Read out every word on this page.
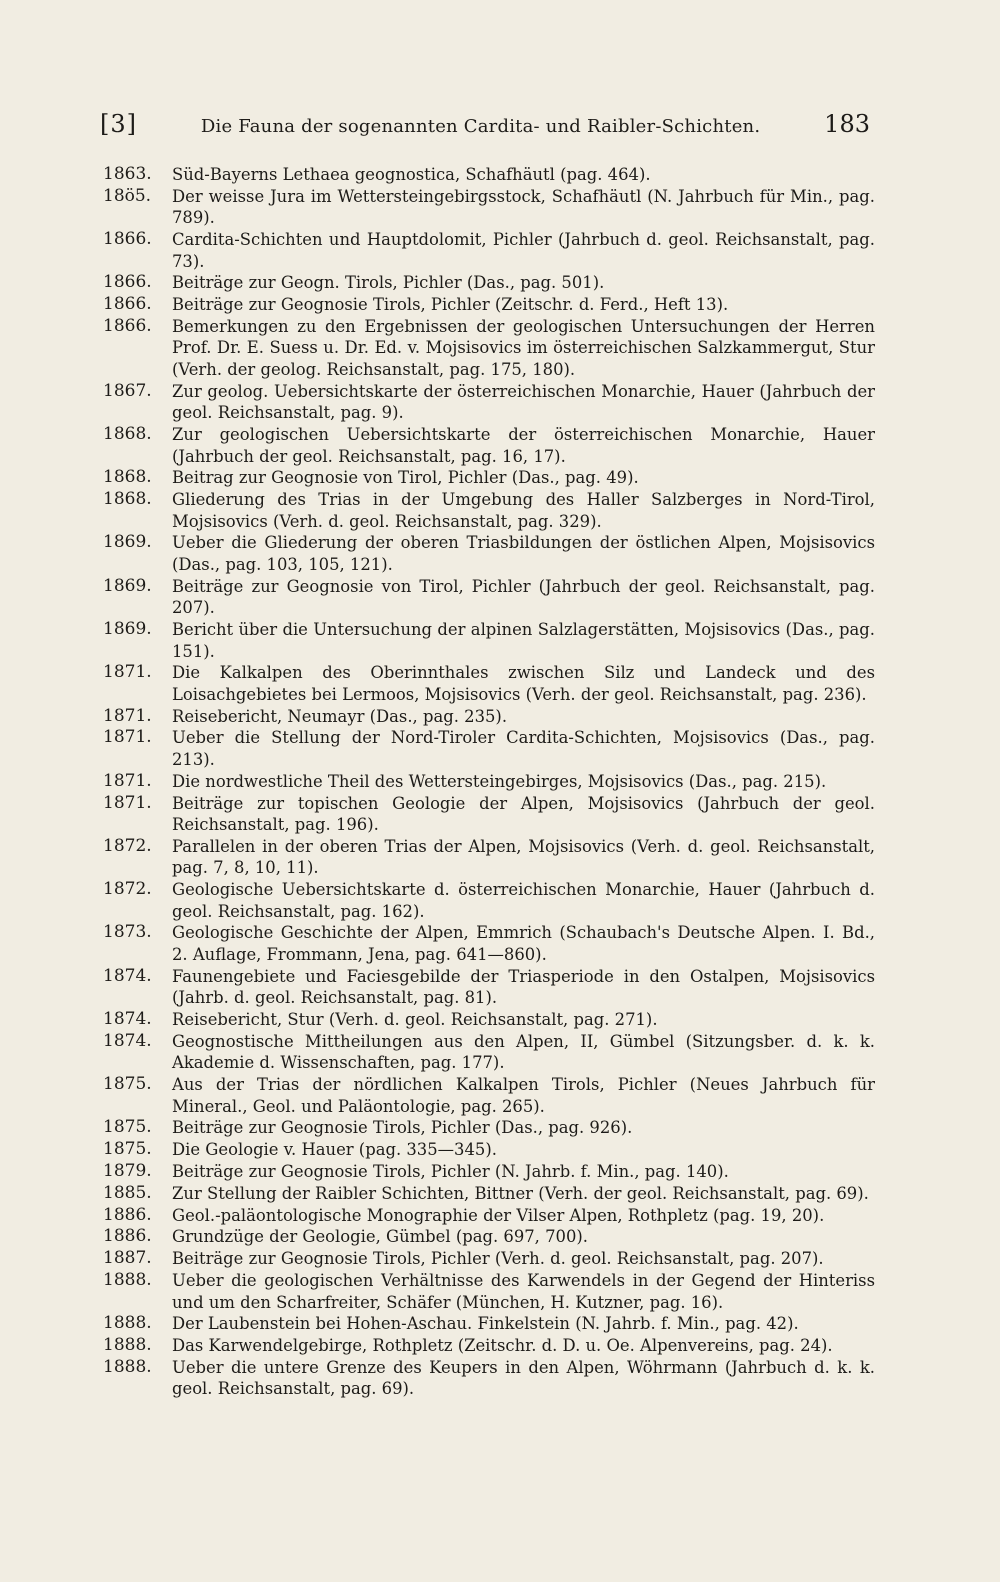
[3]	Die Fauna der sogenannten Cardita- und Raibler-Schichten.	183
1863.	Süd-Bayerns Lethaea geognostica, Schafhäutl (pag. 464).
18ö5.	Der weisse Jura im Wettersteingebirgsstock, Schafhäutl (N. Jahrbuch für Min., pag. 789).
1866.	Cardita-Schichten und Hauptdolomit, Pichler (Jahrbuch d. geol. Reichsanstalt, pag. 73).
1866.	Beiträge zur Geogn. Tirols, Pichler (Das., pag. 501).
1866.	Beiträge zur Geognosie Tirols, Pichler (Zeitschr. d. Ferd., Heft 13).
1866.	Bemerkungen zu den Ergebnissen der geologischen Untersuchungen der Herren Prof. Dr. E. Suess u. Dr. Ed. v. Mojsisovics im österreichischen Salzkammergut, Stur (Verh. der geolog. Reichsanstalt, pag. 175, 180).
1867.	Zur geolog. Uebersichtskarte der österreichischen Monarchie, Hauer (Jahrbuch der geol. Reichsanstalt, pag. 9).
1868.	Zur geologischen Uebersichtskarte der österreichischen Monarchie, Hauer (Jahrbuch der geol. Reichsanstalt, pag. 16, 17).
1868.	Beitrag zur Geognosie von Tirol, Pichler (Das., pag. 49).
1868.	Gliederung des Trias in der Umgebung des Haller Salzberges in Nord-Tirol, Mojsisovics (Verh. d. geol. Reichsanstalt, pag. 329).
1869.	Ueber die Gliederung der oberen Triasbildungen der östlichen Alpen, Mojsisovics (Das., pag. 103, 105, 121).
1869.	Beiträge zur Geognosie von Tirol, Pichler (Jahrbuch der geol. Reichsanstalt, pag. 207).
1869.	Bericht über die Untersuchung der alpinen Salzlagerstätten, Mojsisovics (Das., pag. 151).
1871.	Die Kalkalpen des Oberinnthales zwischen Silz und Landeck und des Loisachgebietes bei Lermoos, Mojsisovics (Verh. der geol. Reichsanstalt, pag. 236).
1871.	Reisebericht, Neumayr (Das., pag. 235).
1871.	Ueber die Stellung der Nord-Tiroler Cardita-Schichten, Mojsisovics (Das., pag. 213).
1871.	Die nordwestliche Theil des Wettersteingebirges, Mojsisovics (Das., pag. 215).
1871.	Beiträge zur topischen Geologie der Alpen, Mojsisovics (Jahrbuch der geol. Reichsanstalt, pag. 196).
1872.	Parallelen in der oberen Trias der Alpen, Mojsisovics (Verh. d. geol. Reichsanstalt, pag. 7, 8, 10, 11).
1872.	Geologische Uebersichtskarte d. österreichischen Monarchie, Hauer (Jahrbuch d. geol. Reichsanstalt, pag. 162).
1873.	Geologische Geschichte der Alpen, Emmrich (Schaubach's Deutsche Alpen. I. Bd., 2. Auflage, Frommann, Jena, pag. 641—860).
1874.	Faunengebiete und Faciesgebilde der Triasperiode in den Ostalpen, Mojsisovics (Jahrb. d. geol. Reichsanstalt, pag. 81).
1874.	Reisebericht, Stur (Verh. d. geol. Reichsanstalt, pag. 271).
1874.	Geognostische Mittheilungen aus den Alpen, II, Gümbel (Sitzungsber. d. k. k. Akademie d. Wissenschaften, pag. 177).
1875.	Aus der Trias der nördlichen Kalkalpen Tirols, Pichler (Neues Jahrbuch für Mineral., Geol. und Paläontologie, pag. 265).
1875.	Beiträge zur Geognosie Tirols, Pichler (Das., pag. 926).
1875.	Die Geologie v. Hauer (pag. 335—345).
1879.	Beiträge zur Geognosie Tirols, Pichler (N. Jahrb. f. Min., pag. 140).
1885.	Zur Stellung der Raibler Schichten, Bittner (Verh. der geol. Reichsanstalt, pag. 69).
1886.	Geol.-paläontologische Monographie der Vilser Alpen, Rothpletz (pag. 19, 20).
1886.	Grundzüge der Geologie, Gümbel (pag. 697, 700).
1887.	Beiträge zur Geognosie Tirols, Pichler (Verh. d. geol. Reichsanstalt, pag. 207).
1888.	Ueber die geologischen Verhältnisse des Karwendels in der Gegend der Hinteriss und um den Scharfreiter, Schäfer (München, H. Kutzner, pag. 16).
1888.	Der Laubenstein bei Hohen-Aschau. Finkelstein (N. Jahrb. f. Min., pag. 42).
1888.	Das Karwendelgebirge, Rothpletz (Zeitschr. d. D. u. Oe. Alpenvereins, pag. 24).
1888.	Ueber die untere Grenze des Keupers in den Alpen, Wöhrmann (Jahrbuch d. k. k. geol. Reichsanstalt, pag. 69).
